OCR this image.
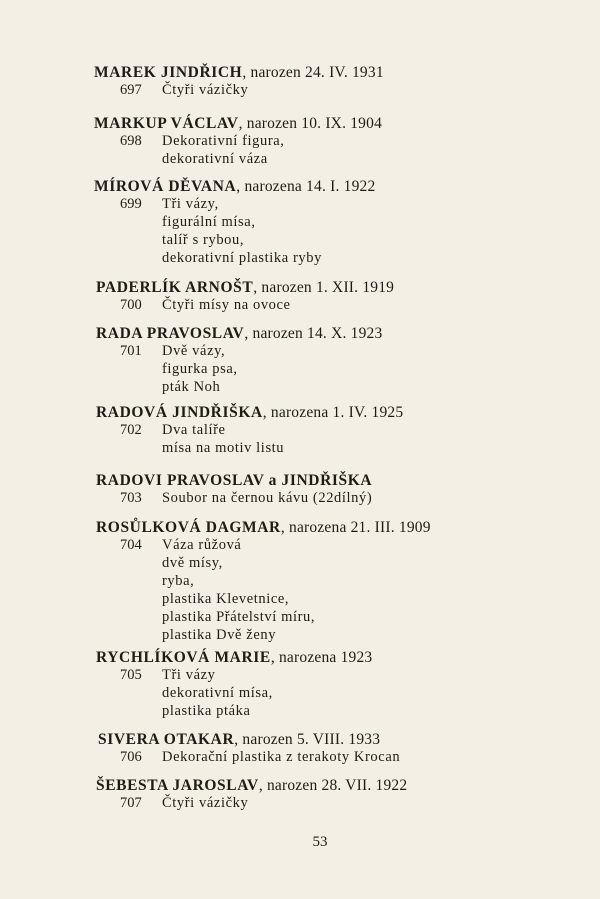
MAREK JINDŘICH, narozen 24. IV. 1931
697	Čtyři vázičky
MARKUP VÁCLAV, narozen 10. IX. 1904
698	Dekorativní figura,
dekorativní váza
MÍROVÁ DĚVANA, narozena 14. I. 1922
699	Tři vázy,
figurální mísa,
talíř s rybou,
dekorativní plastika ryby
PADERLÍK ARNOŠT, narozen 1. XII. 1919
700	Čtyři mísy na ovoce
RADA PRAVOSLAV, narozen 14. X. 1923
701	Dvě vázy,
figurka psa,
pták Noh
RADOVÁ JINDŘIŠKA, narozena 1. IV. 1925
702	Dva talíře
mísa na motiv listu
RADOVI PRAVOSLAV a JINDŘIŠKA
703	Soubor na černou kávu (22dílný)
ROSŮLKOVÁ DAGMAR, narozena 21. III. 1909
704	Váza růžová
dvě mísy,
ryba,
plastika Klevetnice,
plastika Přátelství míru,
plastika Dvě ženy
RYCHLÍKOVÁ MARIE, narozena 1923
705	Tři vázy
dekorativní mísa,
plastika ptáka
SIVERA OTAKAR, narozen 5. VIII. 1933
706	Dekorační plastika z terakoty Krocan
ŠEBESTA JAROSLAV, narozen 28. VII. 1922
707	Čtyři vázičky
53
